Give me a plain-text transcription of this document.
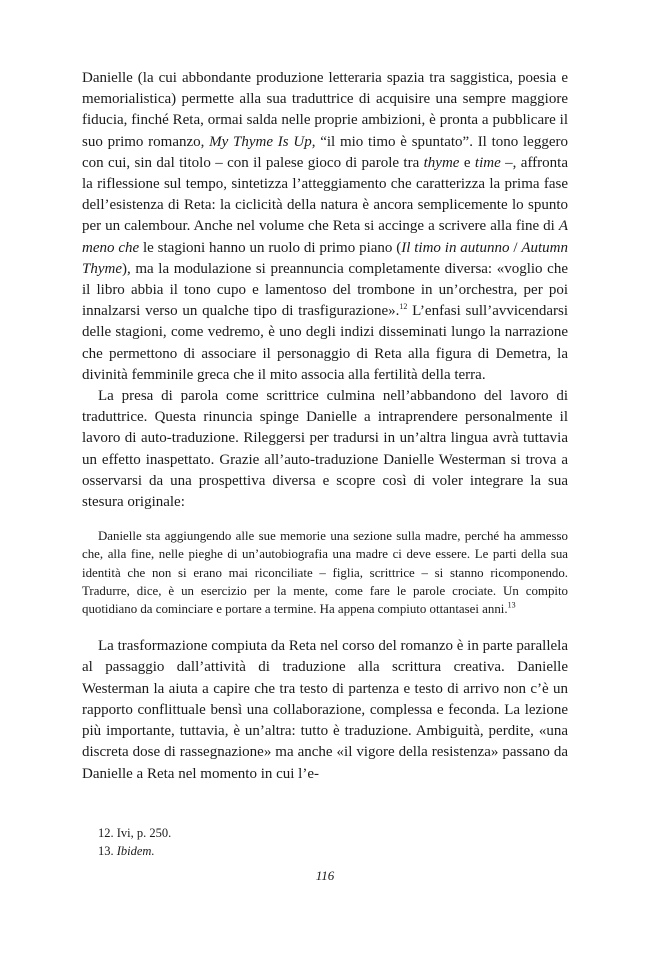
Danielle (la cui abbondante produzione letteraria spazia tra saggistica, poesia e memorialistica) permette alla sua traduttrice di acquisire una sempre maggiore fiducia, finché Reta, ormai salda nelle proprie ambizioni, è pronta a pubblicare il suo primo romanzo, My Thyme Is Up, “il mio timo è spuntato”. Il tono leggero con cui, sin dal titolo – con il palese gioco di parole tra thyme e time –, affronta la riflessione sul tempo, sintetizza l’atteggiamento che caratterizza la prima fase dell’esistenza di Reta: la ciclicità della natura è ancora semplicemente lo spunto per un calembour. Anche nel volume che Reta si accinge a scrivere alla fine di A meno che le stagioni hanno un ruolo di primo piano (Il timo in autunno / Autumn Thyme), ma la modulazione si preannuncia completamente diversa: «voglio che il libro abbia il tono cupo e lamentoso del trombone in un’orchestra, per poi innalzarsi verso un qualche tipo di trasfigurazione».$^{12}$ L’enfasi sull’avvicendarsi delle stagioni, come vedremo, è uno degli indizi disseminati lungo la narrazione che permettono di associare il personaggio di Reta alla figura di Demetra, la divinità femminile greca che il mito associa alla fertilità della terra.

La presa di parola come scrittrice culmina nell’abbandono del lavoro di traduttrice. Questa rinuncia spinge Danielle a intraprendere personalmente il lavoro di auto-traduzione. Rileggersi per tradursi in un’altra lingua avrà tuttavia un effetto inaspettato. Grazie all’auto-traduzione Danielle Westerman si trova a osservarsi da una prospettiva diversa e scopre così di voler integrare la sua stesura originale:

Danielle sta aggiungendo alle sue memorie una sezione sulla madre, perché ha ammesso che, alla fine, nelle pieghe di un’autobiografia una madre ci deve essere. Le parti della sua identità che non si erano mai riconciliate – figlia, scrittrice – si stanno ricomponendo. Tradurre, dice, è un esercizio per la mente, come fare le parole crociate. Un compito quotidiano da cominciare e portare a termine. Ha appena compiuto ottantasei anni.$^{13}$

La trasformazione compiuta da Reta nel corso del romanzo è in parte parallela al passaggio dall’attività di traduzione alla scrittura creativa. Danielle Westerman la aiuta a capire che tra testo di partenza e testo di arrivo non c’è un rapporto conflittuale bensì una collaborazione, complessa e feconda. La lezione più importante, tuttavia, è un’altra: tutto è traduzione. Ambiguità, perdite, «una discreta dose di rassegnazione» ma anche «il vigore della resistenza» passano da Danielle a Reta nel momento in cui l’e-

12. Ivi, p. 250.

13. Ibidem.

116
